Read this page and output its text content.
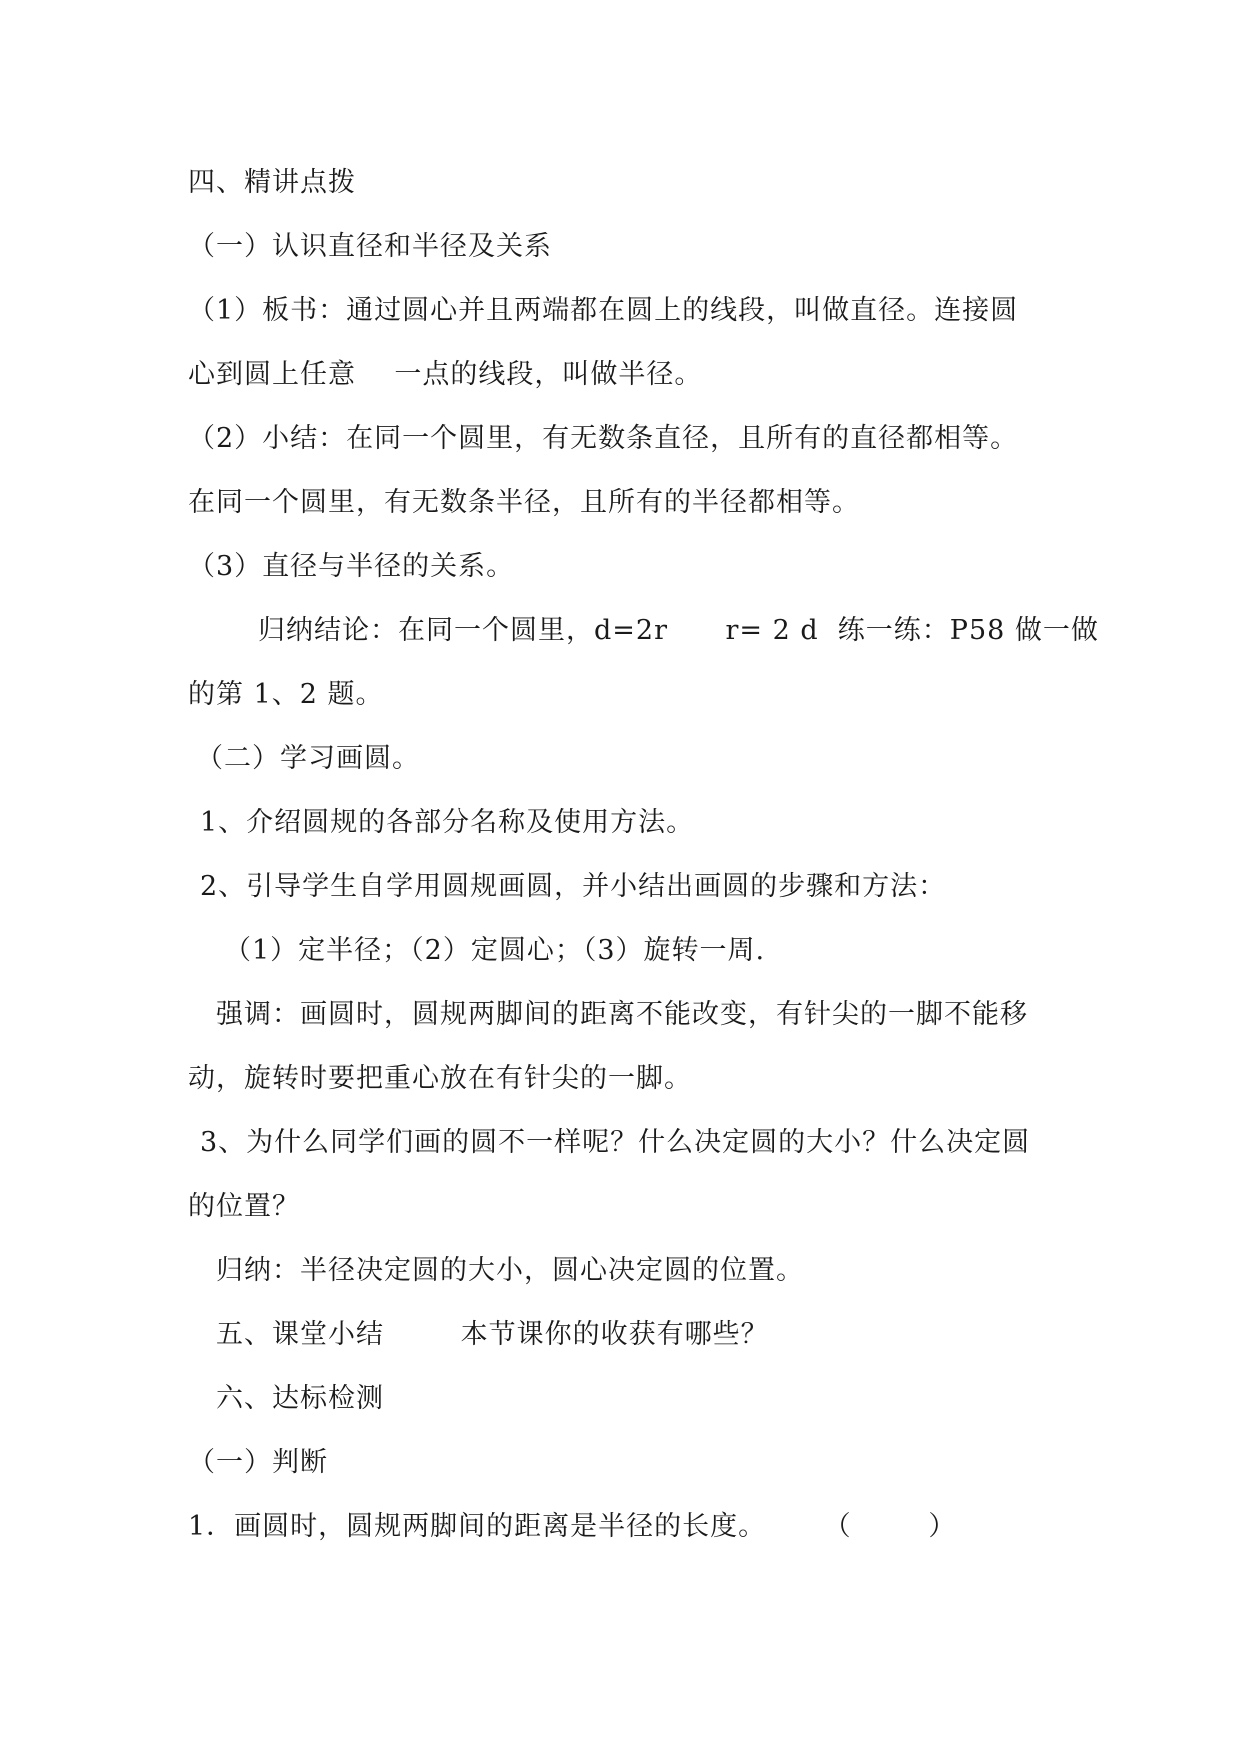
四、精讲点拨
（一）认识直径和半径及关系
（1）板书：通过圆心并且两端都在圆上的线段，叫做直径。连接圆
心到圆上任意    一点的线段，叫做半径。
（2）小结：在同一个圆里，有无数条直径，且所有的直径都相等。
在同一个圆里，有无数条半径，且所有的半径都相等。
（3）直径与半径的关系。
归纳结论：在同一个圆里，d=2r      r= 2 d  练一练：P58 做一做
的第 1、2 题。
（二）学习画圆。
1、介绍圆规的各部分名称及使用方法。
2、引导学生自学用圆规画圆，并小结出画圆的步骤和方法：
（1）定半径；（2）定圆心；（3）旋转一周.
强调：画圆时，圆规两脚间的距离不能改变，有针尖的一脚不能移
动，旋转时要把重心放在有针尖的一脚。
3、为什么同学们画的圆不一样呢？什么决定圆的大小？什么决定圆
的位置？
归纳：半径决定圆的大小，圆心决定圆的位置。
五、课堂小结        本节课你的收获有哪些？
六、达标检测
（一）判断
1．画圆时，圆规两脚间的距离是半径的长度。      （        ）
